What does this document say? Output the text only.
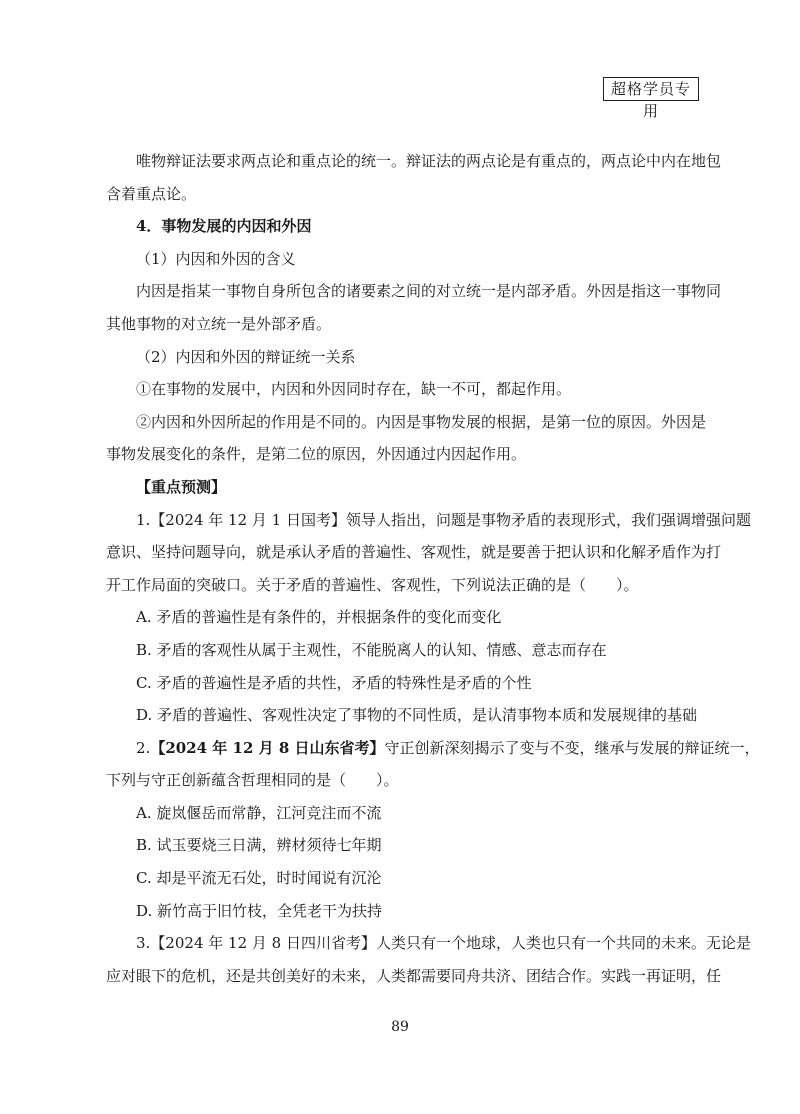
超格学员专用

唯物辩证法要求两点论和重点论的统一。辩证法的两点论是有重点的，两点论中内在地包

含着重点论。

4．事物发展的内因和外因

（1）内因和外因的含义

内因是指某一事物自身所包含的诸要素之间的对立统一是内部矛盾。外因是指这一事物同

其他事物的对立统一是外部矛盾。

（2）内因和外因的辩证统一关系

①在事物的发展中，内因和外因同时存在，缺一不可，都起作用。

②内因和外因所起的作用是不同的。内因是事物发展的根据，是第一位的原因。外因是

事物发展变化的条件，是第二位的原因，外因通过内因起作用。

【重点预测】

1.【2024 年 12 月 1 日国考】领导人指出，问题是事物矛盾的表现形式，我们强调增强问题

意识、坚持问题导向，就是承认矛盾的普遍性、客观性，就是要善于把认识和化解矛盾作为打

开工作局面的突破口。关于矛盾的普遍性、客观性，下列说法正确的是（　　）。

A. 矛盾的普遍性是有条件的，并根据条件的变化而变化

B. 矛盾的客观性从属于主观性，不能脱离人的认知、情感、意志而存在

C. 矛盾的普遍性是矛盾的共性，矛盾的特殊性是矛盾的个性

D. 矛盾的普遍性、客观性决定了事物的不同性质，是认清事物本质和发展规律的基础

2.【2024 年 12 月 8 日山东省考】守正创新深刻揭示了变与不变，继承与发展的辩证统一，

下列与守正创新蕴含哲理相同的是（　　）。

A. 旋岚偃岳而常静，江河竞注而不流

B. 试玉要烧三日满，辨材须待七年期

C. 却是平流无石处，时时闻说有沉沦

D. 新竹高于旧竹枝，全凭老干为扶持

3.【2024 年 12 月 8 日四川省考】人类只有一个地球，人类也只有一个共同的未来。无论是

应对眼下的危机，还是共创美好的未来，人类都需要同舟共济、团结合作。实践一再证明，任

89
